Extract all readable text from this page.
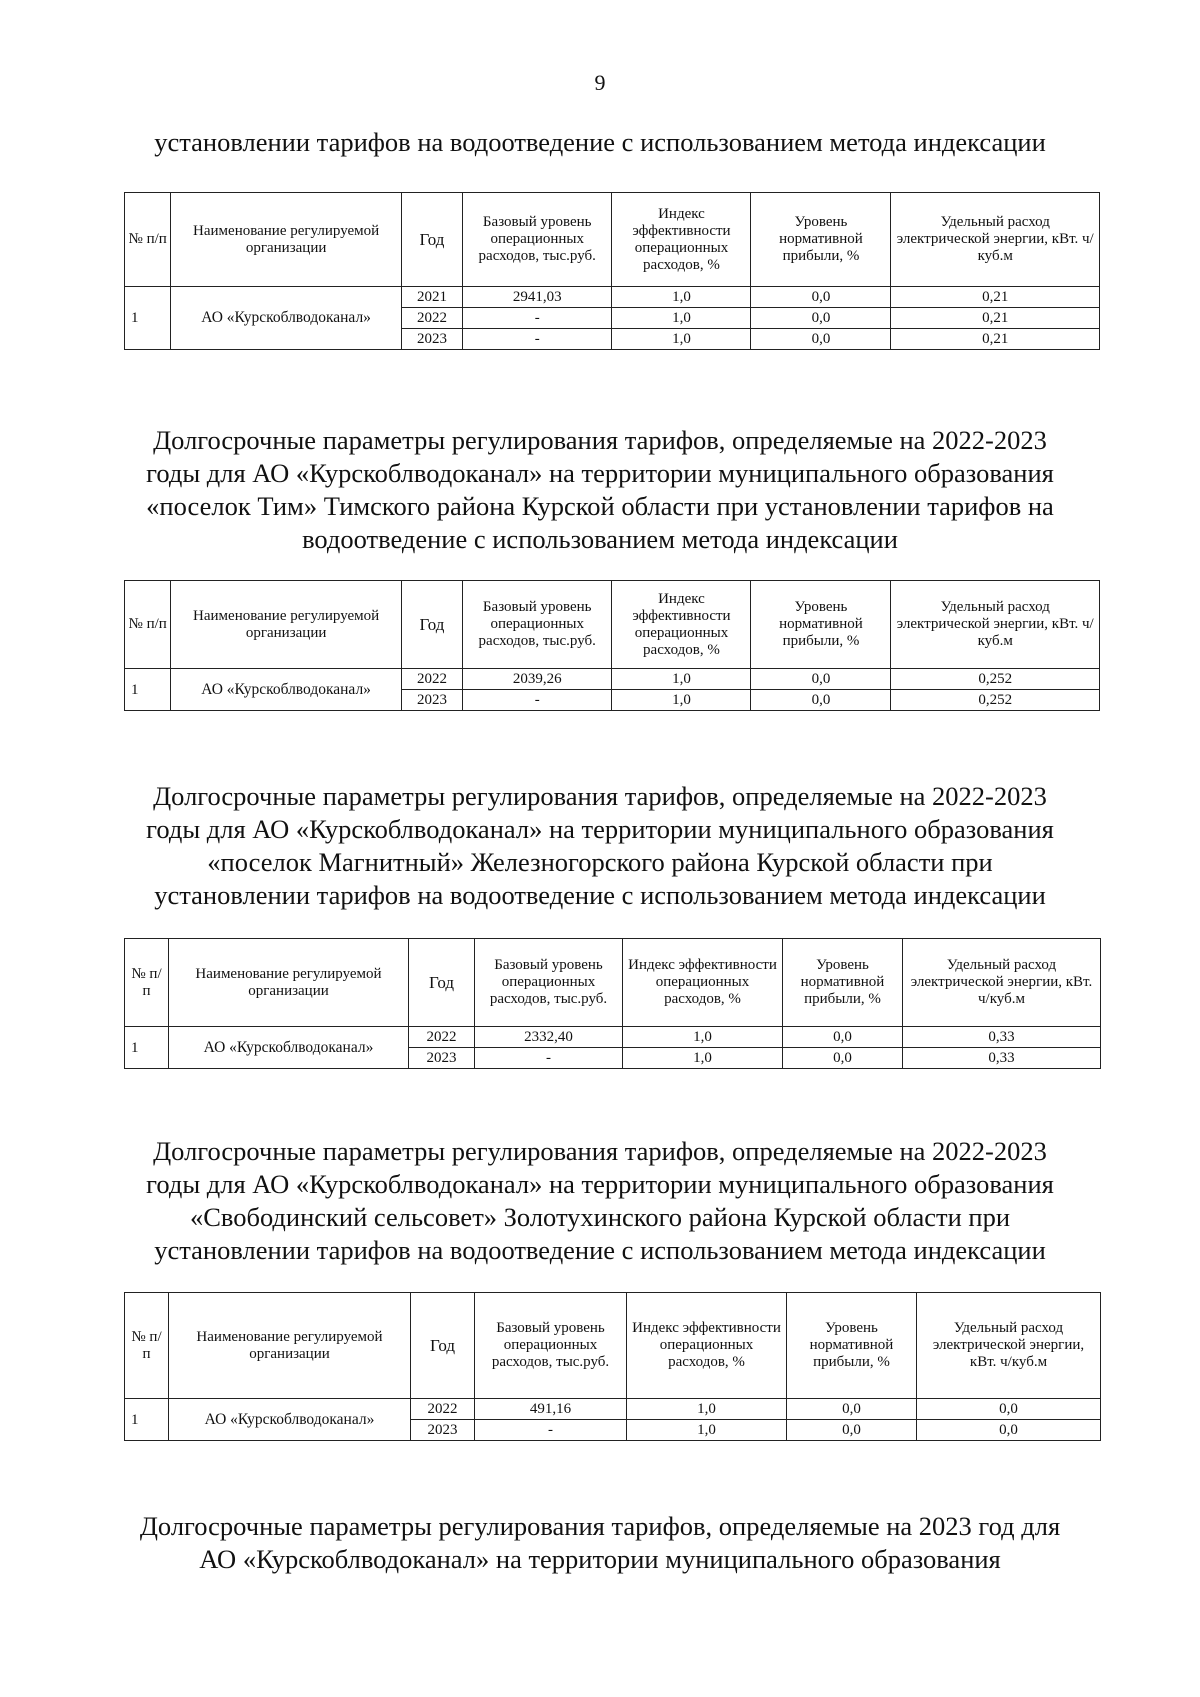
9
установлении тарифов на водоотведение с использованием метода индексации
№ п/п	Наименование регулируемой организации	Год	Базовый уровень операционных расходов, тыс.руб.	Индекс эффективности операционных расходов, %	Уровень нормативной прибыли, %	Удельный расход электрической энергии, кВт. ч/куб.м
1	АО «Курскоблводоканал»	2021	2941,03	1,0	0,0	0,21
		2022	-	1,0	0,0	0,21
		2023	-	1,0	0,0	0,21
Долгосрочные параметры регулирования тарифов, определяемые на 2022-2023
годы для АО «Курскоблводоканал» на территории муниципального образования
«поселок Тим» Тимского района Курской области при установлении тарифов на
водоотведение с использованием метода индексации
№ п/п	Наименование регулируемой организации	Год	Базовый уровень операционных расходов, тыс.руб.	Индекс эффективности операционных расходов, %	Уровень нормативной прибыли, %	Удельный расход электрической энергии, кВт. ч/куб.м
1	АО «Курскоблводоканал»	2022	2039,26	1,0	0,0	0,252
		2023	-	1,0	0,0	0,252
Долгосрочные параметры регулирования тарифов, определяемые на 2022-2023
годы для АО «Курскоблводоканал» на территории муниципального образования
«поселок Магнитный» Железногорского района Курской области при
установлении тарифов на водоотведение с использованием метода индексации
№ п/п	Наименование регулируемой организации	Год	Базовый уровень операционных расходов, тыс.руб.	Индекс эффективности операционных расходов, %	Уровень нормативной прибыли, %	Удельный расход электрической энергии, кВт. ч/куб.м
1	АО «Курскоблводоканал»	2022	2332,40	1,0	0,0	0,33
		2023	-	1,0	0,0	0,33
Долгосрочные параметры регулирования тарифов, определяемые на 2022-2023
годы для АО «Курскоблводоканал» на территории муниципального образования
«Свободинский сельсовет» Золотухинского района Курской области при
установлении тарифов на водоотведение с использованием метода индексации
№ п/п	Наименование регулируемой организации	Год	Базовый уровень операционных расходов, тыс.руб.	Индекс эффективности операционных расходов, %	Уровень нормативной прибыли, %	Удельный расход электрической энергии, кВт. ч/куб.м
1	АО «Курскоблводоканал»	2022	491,16	1,0	0,0	0,0
		2023	-	1,0	0,0	0,0
Долгосрочные параметры регулирования тарифов, определяемые на 2023 год для
АО «Курскоблводоканал» на территории муниципального образования
